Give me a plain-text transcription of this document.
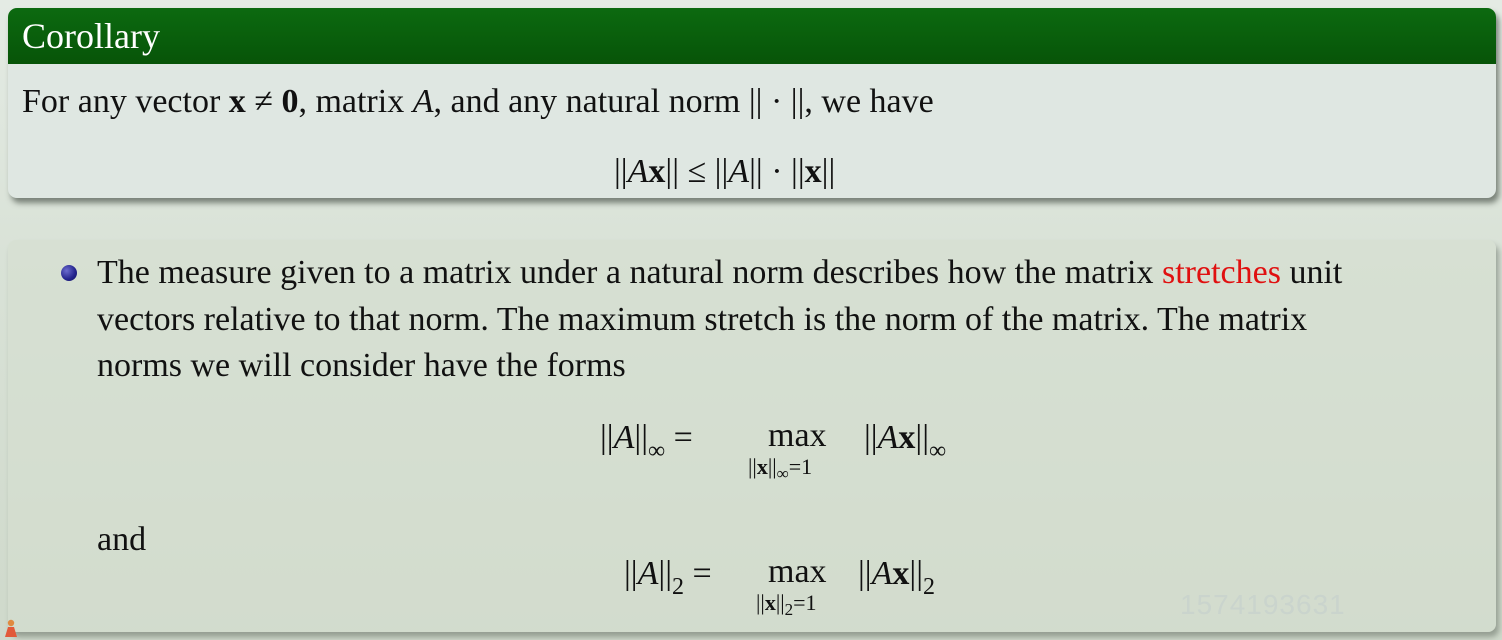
Corollary
For any vector x ≠ 0, matrix A, and any natural norm || · ||, we have
||Ax|| ≤ ||A|| · ||x||
The measure given to a matrix under a natural norm describes how the matrix stretches unit
vectors relative to that norm. The maximum stretch is the norm of the matrix. The matrix
norms we will consider have the forms
$||A||_\infty = \max$
$||x||_\infty=1$
$||Ax||_\infty$
and
$||A||_2 = \max$
$||x||_2=1$
$||Ax||_2$
1574193631
